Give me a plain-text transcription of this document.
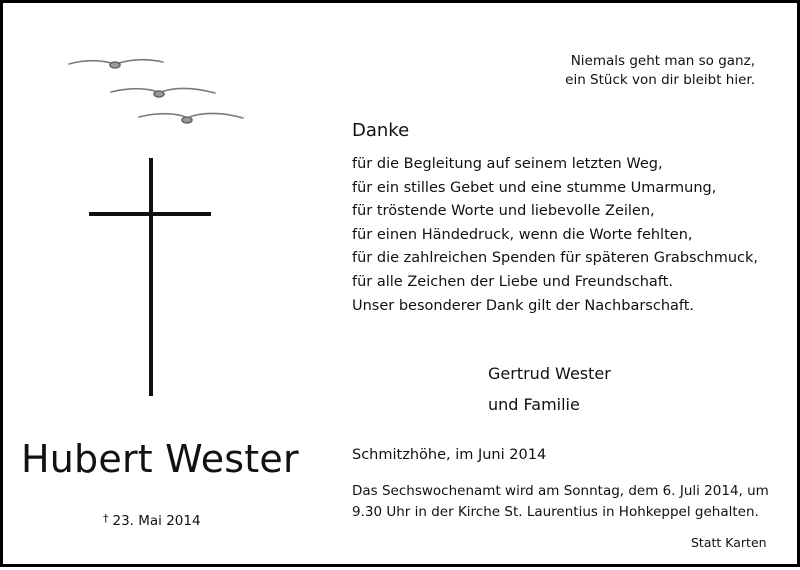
Niemals geht man so ganz,
ein Stück von dir bleibt hier.
Danke
für die Begleitung auf seinem letzten Weg,
für ein stilles Gebet und eine stumme Umarmung,
für tröstende Worte und liebevolle Zeilen,
für einen Händedruck, wenn die Worte fehlten,
für die zahlreichen Spenden für späteren Grabschmuck,
für alle Zeichen der Liebe und Freundschaft.
Unser besonderer Dank gilt der Nachbarschaft.
Gertrud Wester
und Familie
Hubert Wester
† 23. Mai 2014
Schmitzhöhe, im Juni 2014
Das Sechswochenamt wird am Sonntag, dem 6. Juli 2014, um
9.30 Uhr in der Kirche St. Laurentius in Hohkeppel gehalten.
Statt Karten
